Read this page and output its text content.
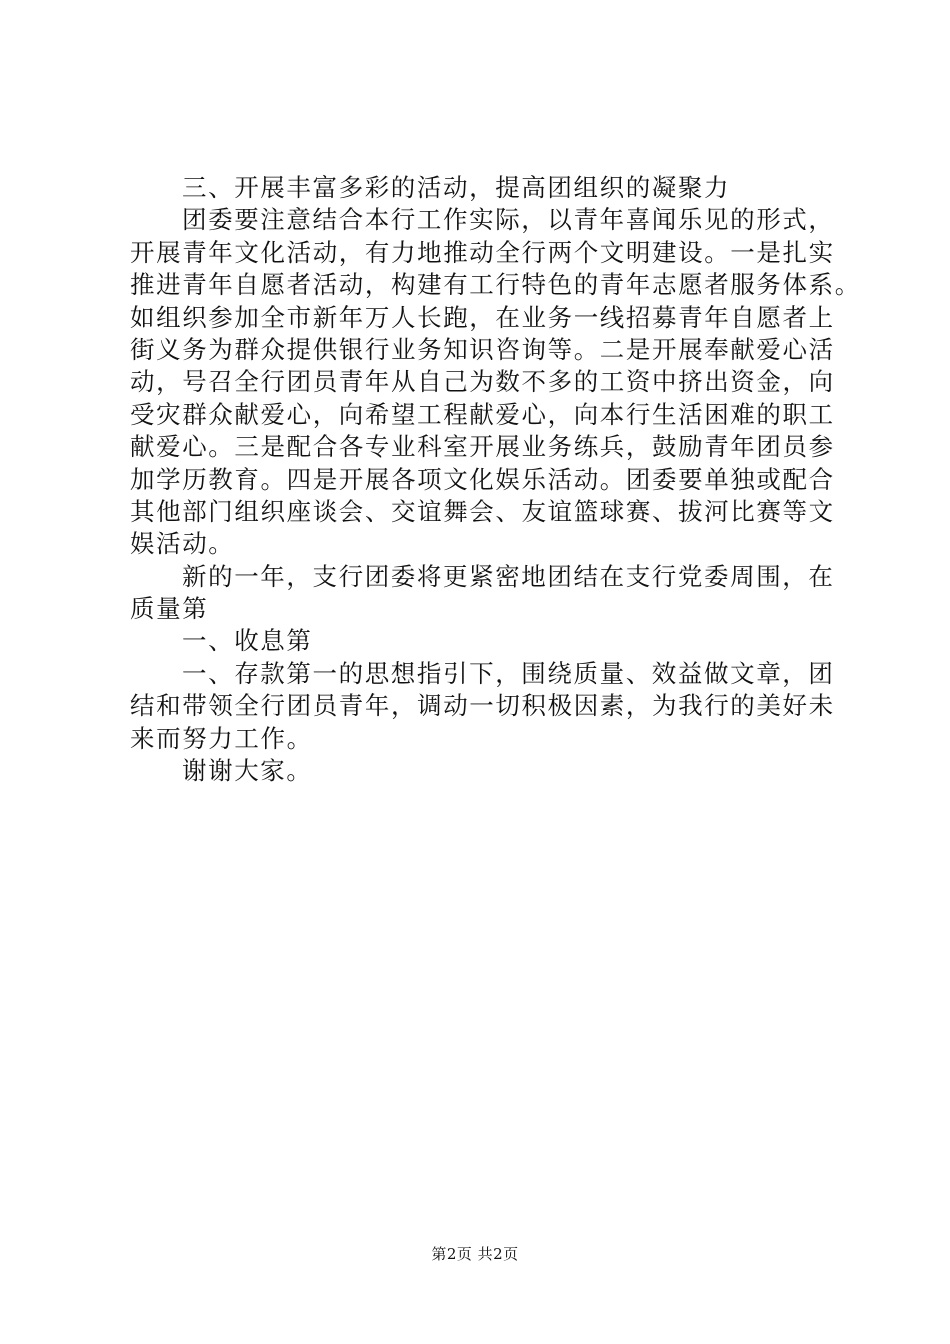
三、开展丰富多彩的活动，提高团组织的凝聚力
团委要注意结合本行工作实际，以青年喜闻乐见的形式，
开展青年文化活动，有力地推动全行两个文明建设。一是扎实
推进青年自愿者活动，构建有工行特色的青年志愿者服务体系。
如组织参加全市新年万人长跑，在业务一线招募青年自愿者上
街义务为群众提供银行业务知识咨询等。二是开展奉献爱心活
动，号召全行团员青年从自己为数不多的工资中挤出资金，向
受灾群众献爱心，向希望工程献爱心，向本行生活困难的职工
献爱心。三是配合各专业科室开展业务练兵，鼓励青年团员参
加学历教育。四是开展各项文化娱乐活动。团委要单独或配合
其他部门组织座谈会、交谊舞会、友谊篮球赛、拔河比赛等文
娱活动。
新的一年，支行团委将更紧密地团结在支行党委周围，在
质量第
一、收息第
一、存款第一的思想指引下，围绕质量、效益做文章，团
结和带领全行团员青年，调动一切积极因素，为我行的美好未
来而努力工作。
谢谢大家。
第2页 共2页
